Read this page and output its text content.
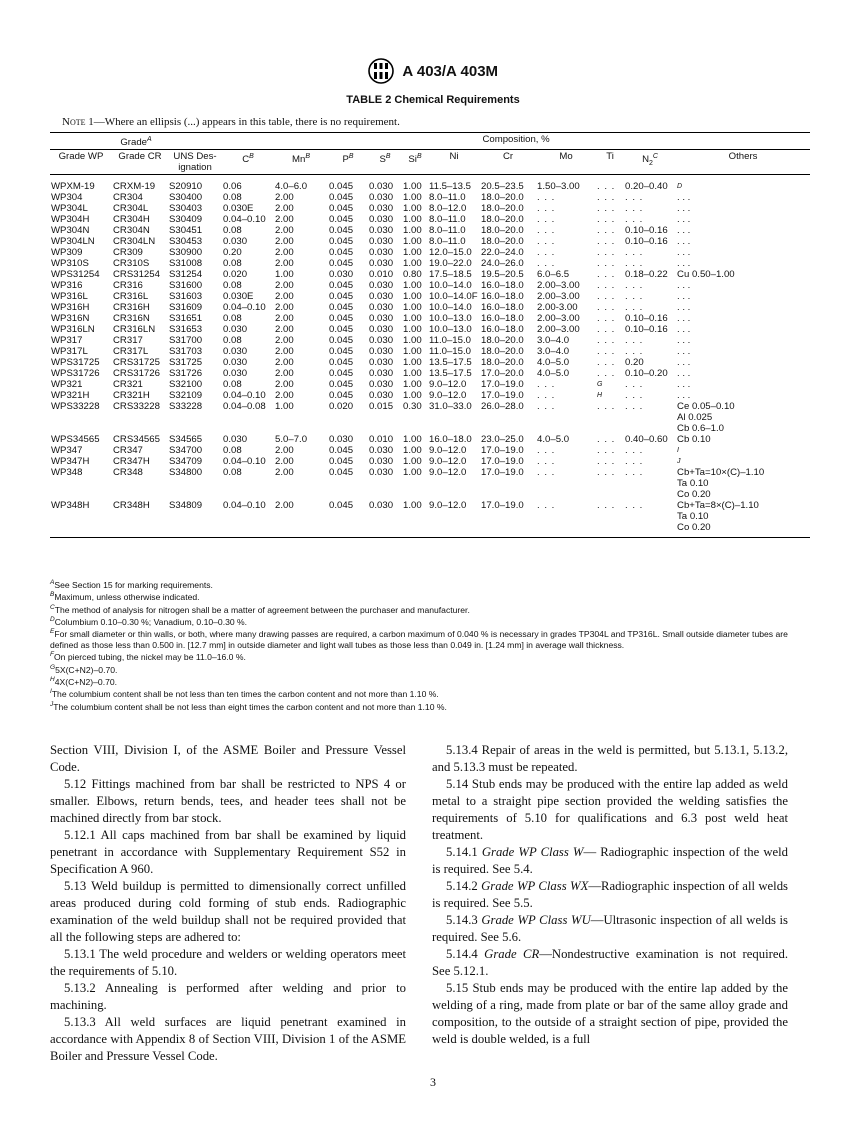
A 403/A 403M
TABLE 2 Chemical Requirements
Note 1—Where an ellipsis (...) appears in this table, there is no requirement.
Grade$^A$			Composition, %										
Grade WP	Grade CR	UNS Des- ignation	$C^B$	$Mn^B$	$P^B$	$S^B$	$Si^B$	Ni	Cr	Mo	Ti	$N_2^C$	Others
WPXM-19	CRXM-19	S20910	0.06	4.0–6.0	0.045	0.030	1.00	11.5–13.5	20.5–23.5	1.50–3.00	. . .	0.20–0.40	D

WP304	CR304	S30400	0.08	2.00	0.045	0.030	1.00	8.0–11.0	18.0–20.0	. . .	. . .	. . .	. . .

WP304L	CR304L	S30403	0.030E	2.00	0.045	0.030	1.00	8.0–12.0	18.0–20.0	. . .	. . .	. . .	. . .

WP304H	CR304H	S30409	0.04–0.10	2.00	0.045	0.030	1.00	8.0–11.0	18.0–20.0	. . .	. . .	. . .	. . .

WP304N	CR304N	S30451	0.08	2.00	0.045	0.030	1.00	8.0–11.0	18.0–20.0	. . .	. . .	0.10–0.16	. . .

WP304LN	CR304LN	S30453	0.030	2.00	0.045	0.030	1.00	8.0–11.0	18.0–20.0	. . .	. . .	0.10–0.16	. . .

WP309	CR309	S30900	0.20	2.00	0.045	0.030	1.00	12.0–15.0	22.0–24.0	. . .	. . .	. . .	. . .

WP310S	CR310S	S31008	0.08	2.00	0.045	0.030	1.00	19.0–22.0	24.0–26.0	. . .	. . .	. . .	. . .

WPS31254	CRS31254	S31254	0.020	1.00	0.030	0.010	0.80	17.5–18.5	19.5–20.5	6.0–6.5	. . .	0.18–0.22	Cu 0.50–1.00

WP316	CR316	S31600	0.08	2.00	0.045	0.030	1.00	10.0–14.0	16.0–18.0	2.00–3.00	. . .	. . .	. . .

WP316L	CR316L	S31603	0.030E	2.00	0.045	0.030	1.00	10.0–14.0F	16.0–18.0	2.00–3.00	. . .	. . .	. . .

WP316H	CR316H	S31609	0.04–0.10	2.00	0.045	0.030	1.00	10.0–14.0	16.0–18.0	2.00-3.00	. . .	. . .	. . .

WP316N	CR316N	S31651	0.08	2.00	0.045	0.030	1.00	10.0–13.0	16.0–18.0	2.00–3.00	. . .	0.10–0.16	. . .

WP316LN	CR316LN	S31653	0.030	2.00	0.045	0.030	1.00	10.0–13.0	16.0–18.0	2.00–3.00	. . .	0.10–0.16	. . .

WP317	CR317	S31700	0.08	2.00	0.045	0.030	1.00	11.0–15.0	18.0–20.0	3.0–4.0	. . .	. . .	. . .

WP317L	CR317L	S31703	0.030	2.00	0.045	0.030	1.00	11.0–15.0	18.0–20.0	3.0–4.0	. . .	. . .	. . .

WPS31725	CRS31725	S31725	0.030	2.00	0.045	0.030	1.00	13.5–17.5	18.0–20.0	4.0–5.0	. . .	0.20	. . .

WPS31726	CRS31726	S31726	0.030	2.00	0.045	0.030	1.00	13.5–17.5	17.0–20.0	4.0–5.0	. . .	0.10–0.20	. . .

WP321	CR321	S32100	0.08	2.00	0.045	0.030	1.00	9.0–12.0	17.0–19.0	. . .	G	. . .	. . .

WP321H	CR321H	S32109	0.04–0.10	2.00	0.045	0.030	1.00	9.0–12.0	17.0–19.0	. . .	H	. . .	. . .

WPS33228	CRS33228	S33228	0.04–0.08	1.00	0.020	0.015	0.30	31.0–33.0	26.0–28.0	. . .	. . .	. . .	Ce 0.05–0.10
Al 0.025
Cb 0.6–1.0

WPS34565	CRS34565	S34565	0.030	5.0–7.0	0.030	0.010	1.00	16.0–18.0	23.0–25.0	4.0–5.0	. . .	0.40–0.60	Cb 0.10

WP347	CR347	S34700	0.08	2.00	0.045	0.030	1.00	9.0–12.0	17.0–19.0	. . .	. . .	. . .	I

WP347H	CR347H	S34709	0.04–0.10	2.00	0.045	0.030	1.00	9.0–12.0	17.0–19.0	. . .	. . .	. . .	J

WP348	CR348	S34800	0.08	2.00	0.045	0.030	1.00	9.0–12.0	17.0–19.0	. . .	. . .	. . .	Cb+Ta=10×(C)–1.10
Ta 0.10
Co 0.20

WP348H	CR348H	S34809	0.04–0.10	2.00	0.045	0.030	1.00	9.0–12.0	17.0–19.0	. . .	. . .	. . .	Cb+Ta=8×(C)–1.10
Ta 0.10
Co 0.20

$^A$See Section 15 for marking requirements.

$^B$Maximum, unless otherwise indicated.

$^C$The method of analysis for nitrogen shall be a matter of agreement between the purchaser and manufacturer.

$^D$Columbium 0.10–0.30 %; Vanadium, 0.10–0.30 %.

$^E$For small diameter or thin walls, or both, where many drawing passes are required, a carbon maximum of 0.040 % is necessary in grades TP304L and TP316L. Small outside diameter tubes are defined as those less than 0.500 in. [12.7 mm] in outside diameter and light wall tubes as those less than 0.049 in. [1.24 mm] in average wall thickness.

$^F$On pierced tubing, the nickel may be 11.0–16.0 %.

$^G$5X(C+N2)–0.70.

$^H$4X(C+N2)–0.70.

$^I$The columbium content shall be not less than ten times the carbon content and not more than 1.10 %.

$^J$The columbium content shall be not less than eight times the carbon content and not more than 1.10 %.

Section VIII, Division I, of the ASME Boiler and Pressure Vessel Code.

5.12 Fittings machined from bar shall be restricted to NPS 4 or smaller. Elbows, return bends, tees, and header tees shall not be machined directly from bar stock.

5.12.1 All caps machined from bar shall be examined by liquid penetrant in accordance with Supplementary Requirement S52 in Specification A 960.

5.13 Weld buildup is permitted to dimensionally correct unfilled areas produced during cold forming of stub ends. Radiographic examination of the weld buildup shall not be required provided that all the following steps are adhered to:

5.13.1 The weld procedure and welders or welding operators meet the requirements of 5.10.

5.13.2 Annealing is performed after welding and prior to machining.

5.13.3 All weld surfaces are liquid penetrant examined in accordance with Appendix 8 of Section VIII, Division 1 of the ASME Boiler and Pressure Vessel Code.

5.13.4 Repair of areas in the weld is permitted, but 5.13.1, 5.13.2, and 5.13.3 must be repeated.

5.14 Stub ends may be produced with the entire lap added as weld metal to a straight pipe section provided the welding satisfies the requirements of 5.10 for qualifications and 6.3 post weld heat treatment.

5.14.1 Grade WP Class W— Radiographic inspection of the weld is required. See 5.4.

5.14.2 Grade WP Class WX—Radiographic inspection of all welds is required. See 5.5.

5.14.3 Grade WP Class WU—Ultrasonic inspection of all welds is required. See 5.6.

5.14.4 Grade CR—Nondestructive examination is not required. See 5.12.1.

5.15 Stub ends may be produced with the entire lap added by the welding of a ring, made from plate or bar of the same alloy grade and composition, to the outside of a straight section of pipe, provided the weld is double welded, is a full

3
